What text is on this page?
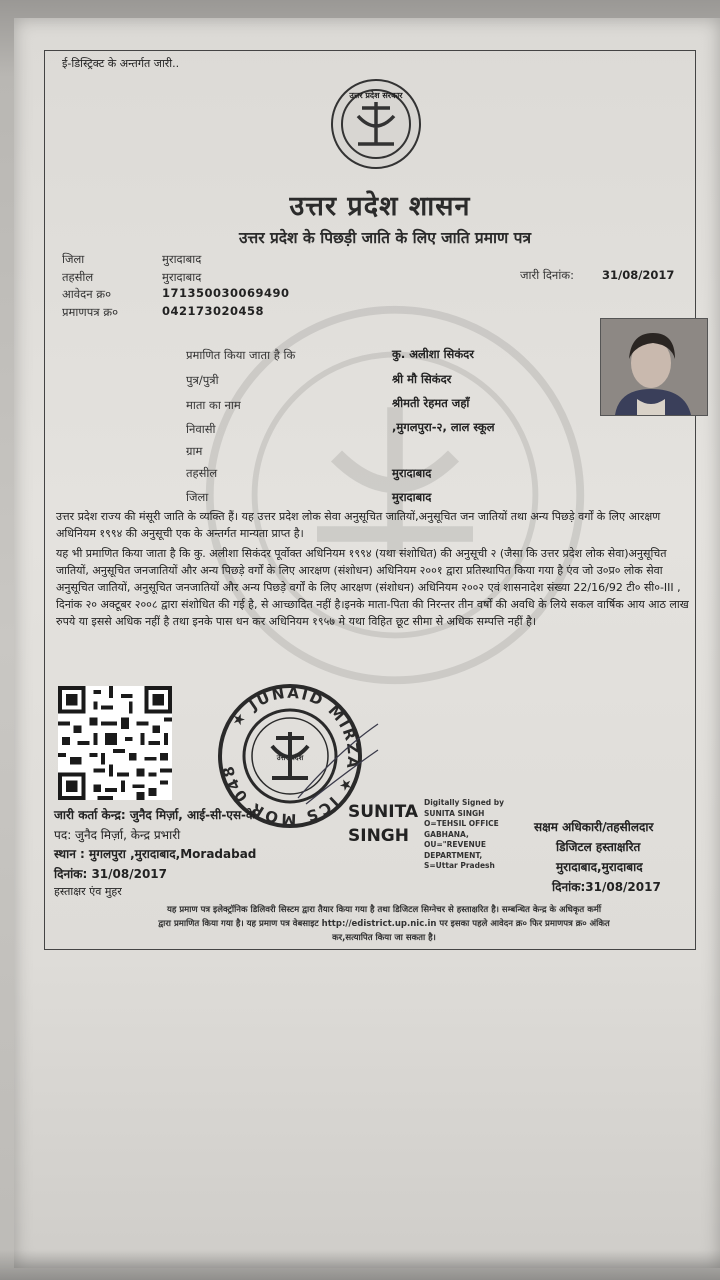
ई-डिस्ट्रिक्ट के अन्तर्गत जारी..
उत्तर प्रदेश सरकार
उत्तर प्रदेश शासन
उत्तर प्रदेश के पिछड़ी जाति के लिए जाति प्रमाण पत्र
जिला	मुरादाबाद
तहसील	मुरादाबाद
आवेदन क्र०	171350030069490
प्रमाणपत्र क्र०	042173020458
जारी दिनांक: 31/08/2017
प्रमाणित किया जाता है कि	कु. अलीशा सिकंदर
पुत्र/पुत्री	श्री मौ सिकंदर
माता का नाम	श्रीमती रेहमत जहाँ
निवासी	,मुगलपुरा-२, लाल स्कूल
ग्राम
तहसील	मुरादाबाद
जिला	मुरादाबाद
उत्तर प्रदेश राज्य की मंसूरी जाति के व्यक्ति हैं। यह उत्तर प्रदेश लोक सेवा अनुसूचित जातियों,अनुसूचित जन जातियों तथा अन्य पिछड़े वर्गों के लिए आरक्षण अधिनियम १९९४ की अनुसूची एक के अन्तर्गत मान्यता प्राप्त है।
यह भी प्रमाणित किया जाता है कि कु. अलीशा सिकंदर पूर्वोक्त अधिनियम १९९४ (यथा संशोधित) की अनुसूची २ (जैसा कि उत्तर प्रदेश लोक सेवा)अनुसूचित जातियों, अनुसूचित जनजातियों और अन्य पिछड़े वर्गों के लिए आरक्षण (संशोधन) अधिनियम २००१ द्वारा प्रतिस्थापित किया गया है एंव जो उ०प्र० लोक सेवा अनुसूचित जातियों, अनुसूचित जनजातियों और अन्य पिछड़े वर्गों के लिए आरक्षण (संशोधन) अधिनियम २००२ एवं शासनादेश संख्या 22/16/92 टी० सी०-III , दिनांक २० अक्टूबर २००८ द्वारा संशोधित की गई है, से आच्छादित नहीं है।इनके माता-पिता की निरन्तर तीन वर्षों की अवधि के लिये सकल वार्षिक आय आठ लाख रुपये या इससे अधिक नहीं है तथा इनके पास धन कर अधिनियम १९५७ मे यथा विहित छूट सीमा से अधिक सम्पत्ति नहीं है।
★ JUNAID MIRZA ★ ICS MOR 048
उत्तर प्रदेश
जारी कर्ता केन्द्र: जुनैद मिर्ज़ा, आई-सी-एस-के
पद: जुनैद मिर्ज़ा, केन्द्र प्रभारी
स्थान : मुगलपुरा ,मुरादाबाद,Moradabad
दिनांक: 31/08/2017
हस्ताक्षर एंव मुहर
SUNITA
SINGH
Digitally Signed by
SUNITA SINGH
O=TEHSIL OFFICE
GABHANA,
OU="REVENUE
DEPARTMENT,
S=Uttar Pradesh
सक्षम अधिकारी/तहसीलदार
डिजिटल हस्ताक्षरित
मुरादाबाद,मुरादाबाद
दिनांक:31/08/2017
यह प्रमाण पत्र इलेक्ट्रॉनिक डिलिवरी सिस्टम द्वारा तैयार किया गया है तथा डिजिटल सिग्नेचर से हस्ताक्षरित है। सम्बन्धित केन्द्र के अधिकृत कर्मी
द्वारा प्रमाणित किया गया है। यह प्रमाण पत्र वेबसाइट http://edistrict.up.nic.in पर इसका पहले आवेदन क्र० फिर प्रमाणपत्र क्र० अंकित
कर,सत्यापित किया जा सकता है।
